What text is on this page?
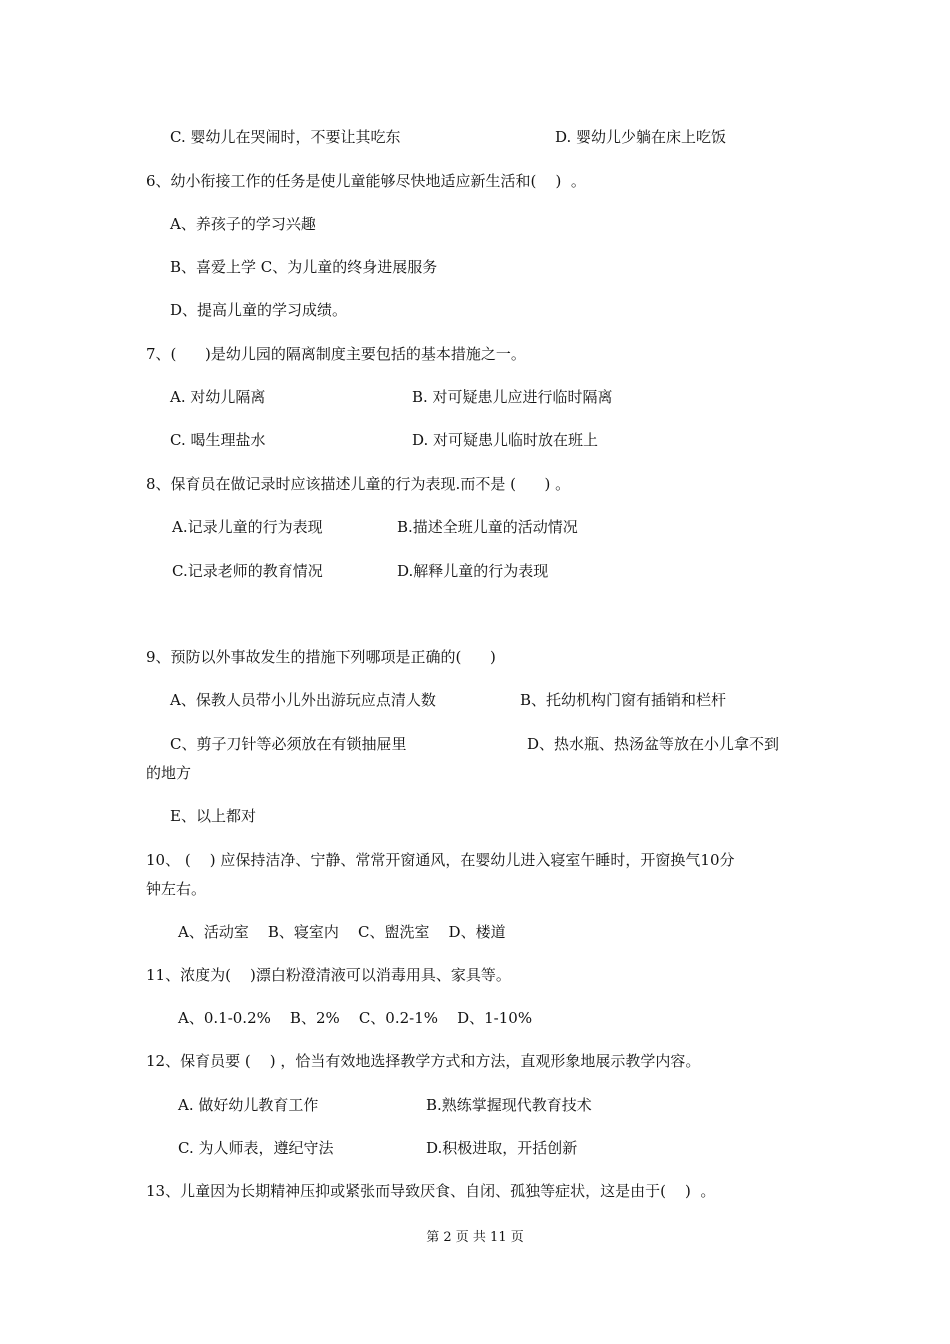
C. 婴幼儿在哭闹时，不要让其吃东	D. 婴幼儿少躺在床上吃饭
6、幼小衔接工作的任务是使儿童能够尽快地适应新生活和(    )  。
A、养孩子的学习兴趣
B、喜爱上学 C、为儿童的终身进展服务
D、提高儿童的学习成绩。
7、(      )是幼儿园的隔离制度主要包括的基本措施之一。
A. 对幼儿隔离	B. 对可疑患儿应进行临时隔离
C. 喝生理盐水	D. 对可疑患儿临时放在班上
8、保育员在做记录时应该描述儿童的行为表现.而不是 (      ) 。
A.记录儿童的行为表现	B.描述全班儿童的活动情况
C.记录老师的教育情况	D.解释儿童的行为表现
9、预防以外事故发生的措施下列哪项是正确的(      )
A、保教人员带小儿外出游玩应点清人数	B、托幼机构门窗有插销和栏杆
C、剪子刀针等必须放在有锁抽屉里	D、热水瓶、热汤盆等放在小儿拿不到
的地方
E、以上都对
10、 (    ) 应保持洁净、宁静、常常开窗通风，在婴幼儿进入寝室午睡时，开窗换气10分
钟左右。
A、活动室    B、寝室内    C、盥洗室    D、楼道
11、浓度为(    )漂白粉澄清液可以消毒用具、家具等。
A、0.1-0.2%    B、2%    C、0.2-1%    D、1-10%
12、保育员要 (    ) ，恰当有效地选择教学方式和方法，直观形象地展示教学内容。
A. 做好幼儿教育工作	B.熟练掌握现代教育技术
C. 为人师表，遵纪守法	D.积极进取，开括创新
13、儿童因为长期精神压抑或紧张而导致厌食、自闭、孤独等症状，这是由于(    )  。
第 2 页 共 11 页
